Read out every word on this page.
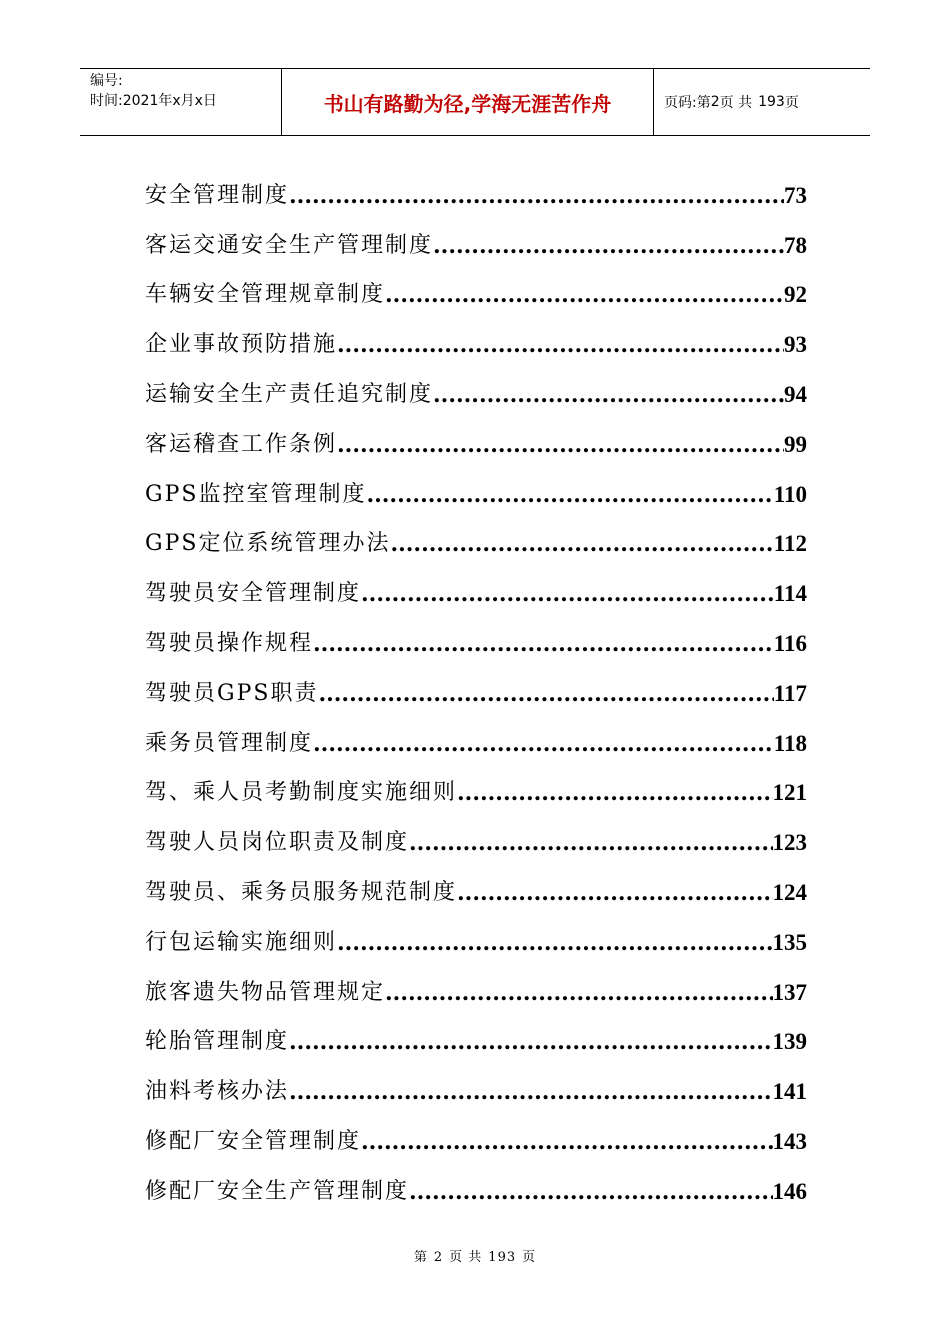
编号:
时间:2021年x月x日	书山有路勤为径,学海无涯苦作舟	页码:第 2 页 共 193 页
安全管理制度 .....	73
客运交通安全生产管理制度 .....	78
车辆安全管理规章制度 .....	92
企业事故预防措施 .....	93
运输安全生产责任追究制度 .....	94
客运稽查工作条例 .....	99
GPS监控室管理制度 .....	110
GPS定位系统管理办法 .....	112
驾驶员安全管理制度 .....	114
驾驶员操作规程 .....	116
驾驶员GPS职责 .....	117
乘务员管理制度 .....	118
驾、乘人员考勤制度实施细则 .....	121
驾驶人员岗位职责及制度 .....	123
驾驶员、乘务员服务规范制度 .....	124
行包运输实施细则 .....	135
旅客遗失物品管理规定 .....	137
轮胎管理制度 .....	139
油料考核办法 .....	141
修配厂安全管理制度 .....	143
修配厂安全生产管理制度 .....	146
第 2 页 共 193 页
